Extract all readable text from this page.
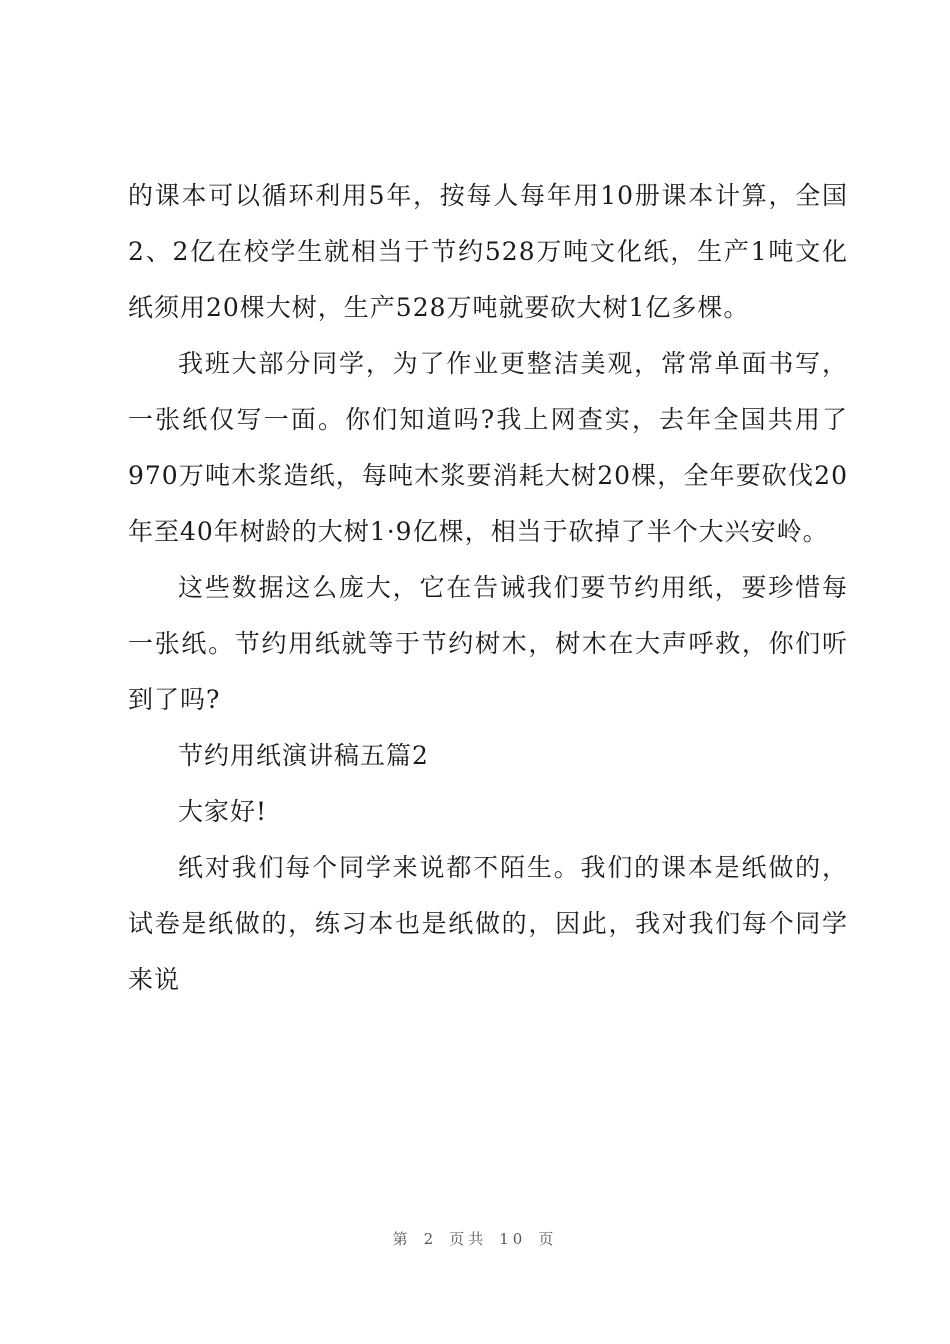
的课本可以循环利用5年，按每人每年用10册课本计算，全国2、2亿在校学生就相当于节约528万吨文化纸，生产1吨文化纸须用20棵大树，生产528万吨就要砍大树1亿多棵。

我班大部分同学，为了作业更整洁美观，常常单面书写，一张纸仅写一面。你们知道吗?我上网查实，去年全国共用了970万吨木浆造纸，每吨木浆要消耗大树20棵，全年要砍伐20年至40年树龄的大树1·9亿棵，相当于砍掉了半个大兴安岭。

这些数据这么庞大，它在告诫我们要节约用纸，要珍惜每一张纸。节约用纸就等于节约树木，树木在大声呼救，你们听到了吗?

节约用纸演讲稿五篇2

大家好!

纸对我们每个同学来说都不陌生。我们的课本是纸做的，试卷是纸做的，练习本也是纸做的，因此，我对我们每个同学来说

第 2 页共 10 页
